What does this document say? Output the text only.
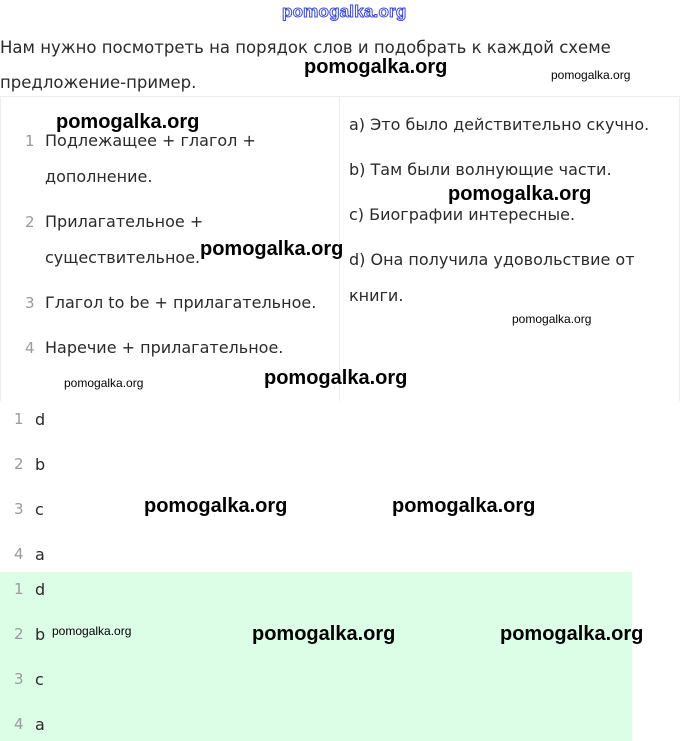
pomogalka.org
Нам нужно посмотреть на порядок слов и подобрать к каждой схеме предложение-пример.
1 Подлежащее + глагол + дополнение.
2 Прилагательное + существительное.
3 Глагол to be + прилагательное.
4 Наречие + прилагательное.
a) Это было действительно скучно.
b) Там были волнующие части.
c) Биографии интересные.
d) Она получила удовольствие от книги.
1 d
2 b
3 c
4 a
1 d
2 b
3 c
4 a
pomogalka.org	pomogalka.org
pomogalka.org
pomogalka.org
pomogalka.org
pomogalka.org
pomogalka.org	pomogalka.org
pomogalka.org	pomogalka.org
pomogalka.org	pomogalka.org	pomogalka.org
